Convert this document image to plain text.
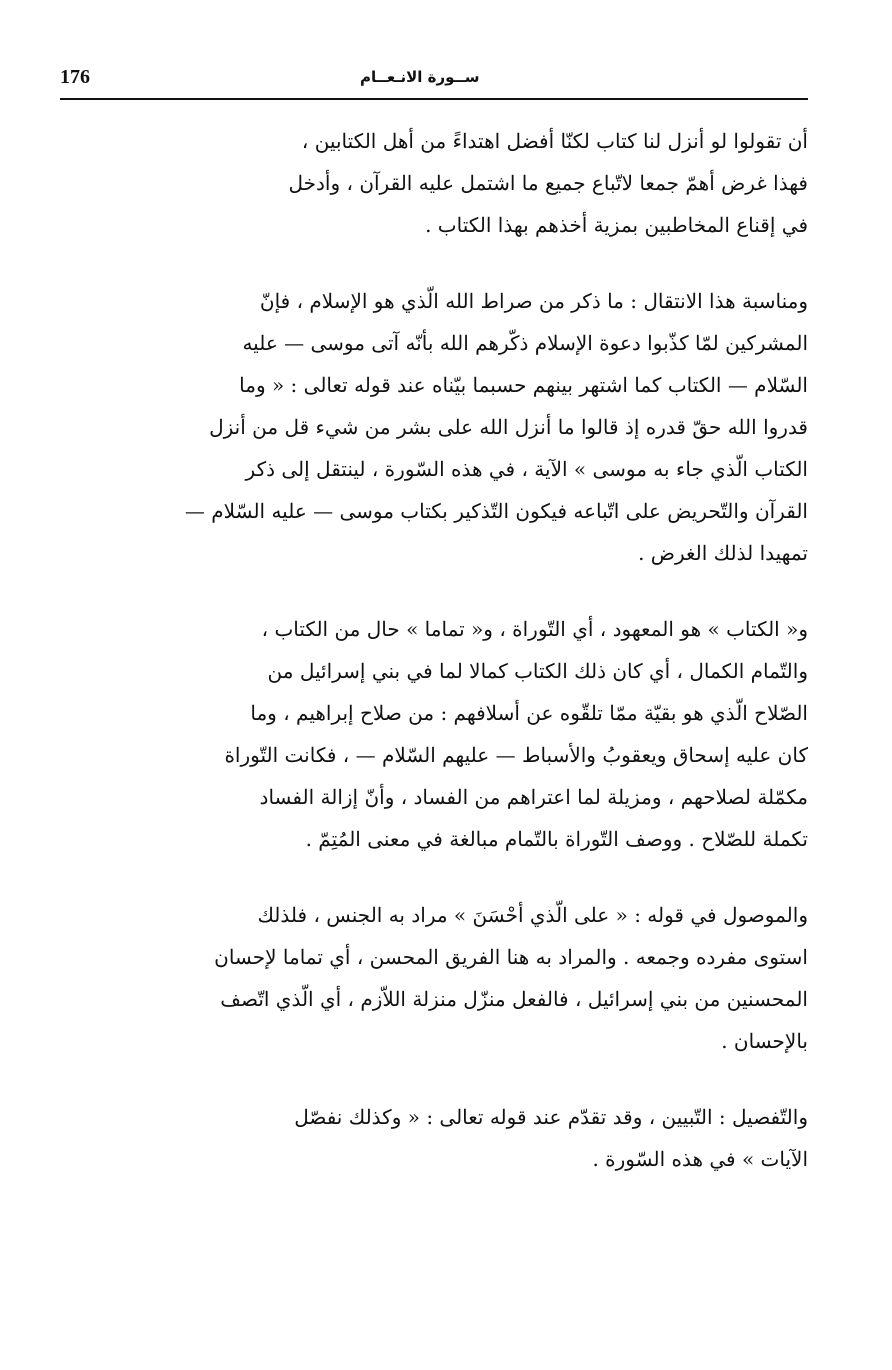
176	ســورة الانـعــام

أن تقولوا لو أنزل لنا كتاب لكنّا أفضل اهتداءً من أهل الكتابين ،

فهذا غرض أهمّ جمعا لاتّباع جميع ما اشتمل عليه القرآن ، وأدخل

في إقناع المخاطبين بمزية أخذهم بهذا الكتاب .

ومناسبة هذا الانتقال : ما ذكر من صراط الله الّذي هو الإسلام ، فإنّ

المشركين لمّا كذّبوا دعوة الإسلام ذكّرهم الله بأنّه آتى موسى — عليه

السّلام — الكتاب كما اشتهر بينهم حسبما بيّناه عند قوله تعالى : « وما

قدروا الله حقّ قدره إذ قالوا ما أنزل الله على بشر من شيء قل من أنزل

الكتاب الّذي جاء به موسى » الآية ، في هذه السّورة ، لينتقل إلى ذكر

القرآن والتّحريض على اتّباعه فيكون التّذكير بكتاب موسى — عليه السّلام —

تمهيدا لذلك الغرض .

و« الكتاب » هو المعهود ، أي التّوراة ، و« تماما » حال من الكتاب ،

والتّمام الكمال ، أي كان ذلك الكتاب كمالا لما في بني إسرائيل من

الصّلاح الّذي هو بقيّة ممّا تلقّوه عن أسلافهم : من صلاح إبراهيم ، وما

كان عليه إسحاق ويعقوبُ والأسباط — عليهم السّلام — ، فكانت التّوراة

مكمّلة لصلاحهم ، ومزيلة لما اعتراهم من الفساد ، وأنّ إزالة الفساد

تكملة للصّلاح . ووصف التّوراة بالتّمام مبالغة في معنى المُتِمّ .

والموصول في قوله : « على الّذي أحْسَنَ » مراد به الجنس ، فلذلك

استوى مفرده وجمعه . والمراد به هنا الفريق المحسن ، أي تماما لإحسان

المحسنين من بني إسرائيل ، فالفعل منزّل منزلة اللاّزم ، أي الّذي اتّصف

بالإحسان .

والتّفصيل : التّبيين ، وقد تقدّم عند قوله تعالى : « وكذلك نفصّل

الآيات » في هذه السّورة .
